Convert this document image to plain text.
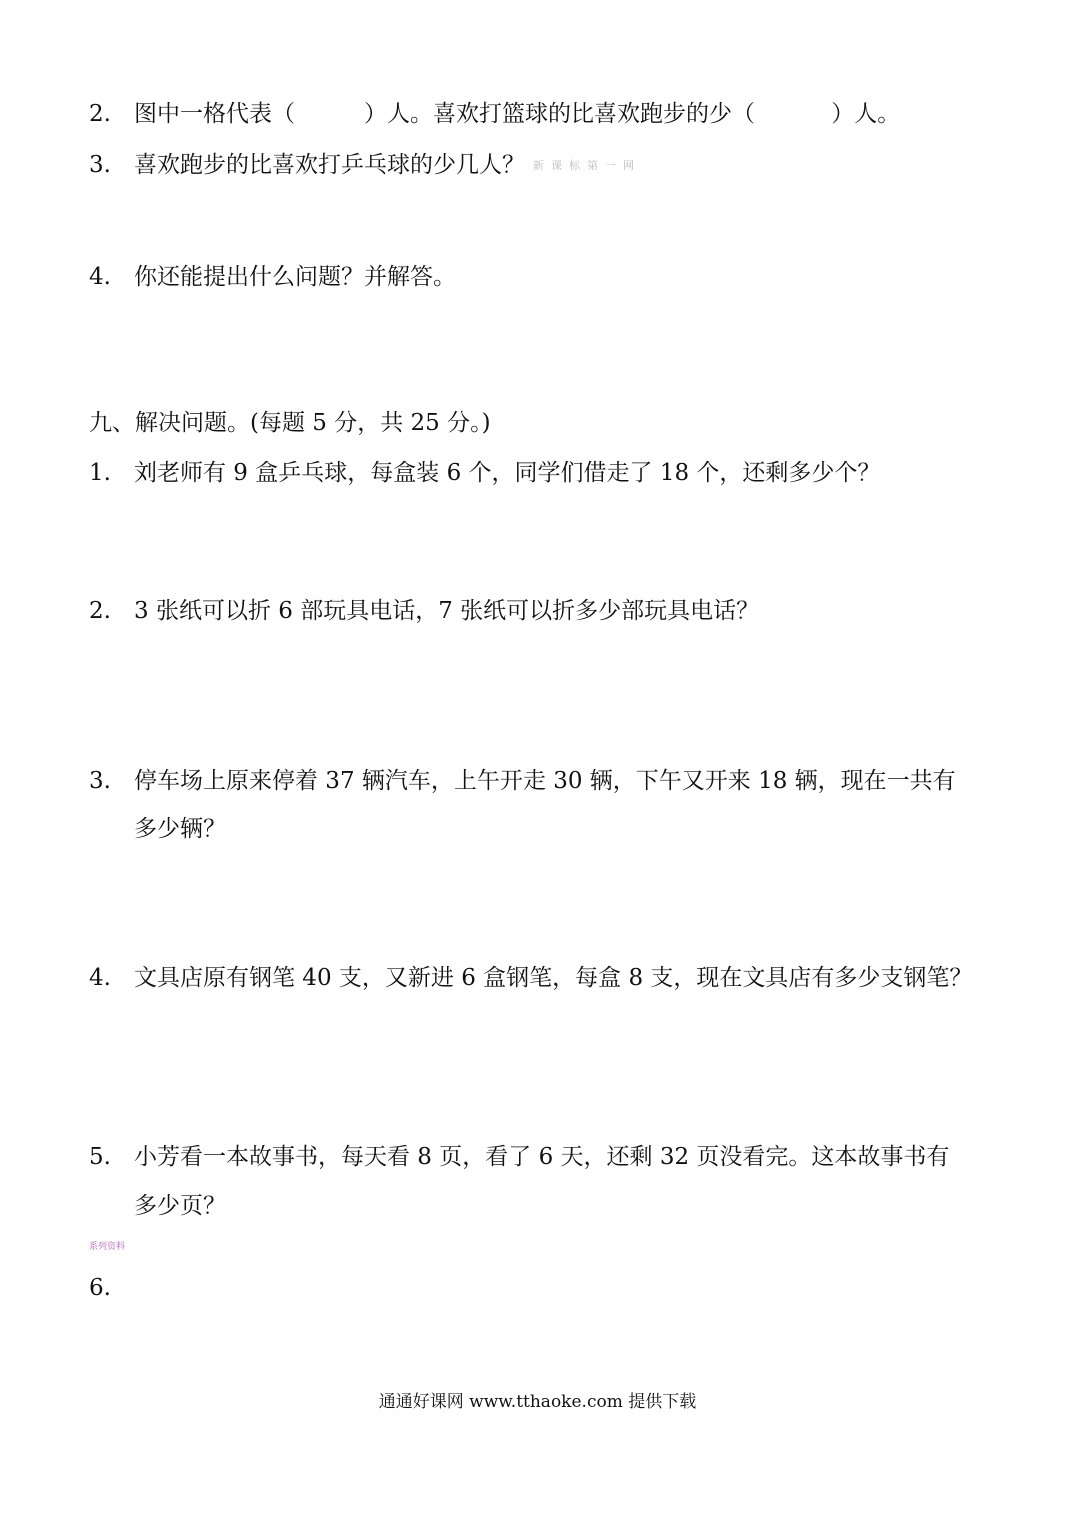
2. 图中一格代表（　　　）人。喜欢打篮球的比喜欢跑步的少（　　　 ）人。
3. 喜欢跑步的比喜欢打乒乓球的少几人？ 新课标第一网
4. 你还能提出什么问题？并解答。
九、解决问题。(每题 5 分，共 25 分。)
1. 刘老师有 9 盒乒乓球，每盒装 6 个，同学们借走了 18 个，还剩多少个？
2. 3 张纸可以折 6 部玩具电话，7 张纸可以折多少部玩具电话？
3. 停车场上原来停着 37 辆汽车，上午开走 30 辆，下午又开来 18 辆，现在一共有
多少辆？
4. 文具店原有钢笔 40 支，又新进 6 盒钢笔，每盒 8 支，现在文具店有多少支钢笔？
5. 小芳看一本故事书，每天看 8 页，看了 6 天，还剩 32 页没看完。这本故事书有
多少页？
系列资料
6.
通通好课网 www.tthaoke.com 提供下载
